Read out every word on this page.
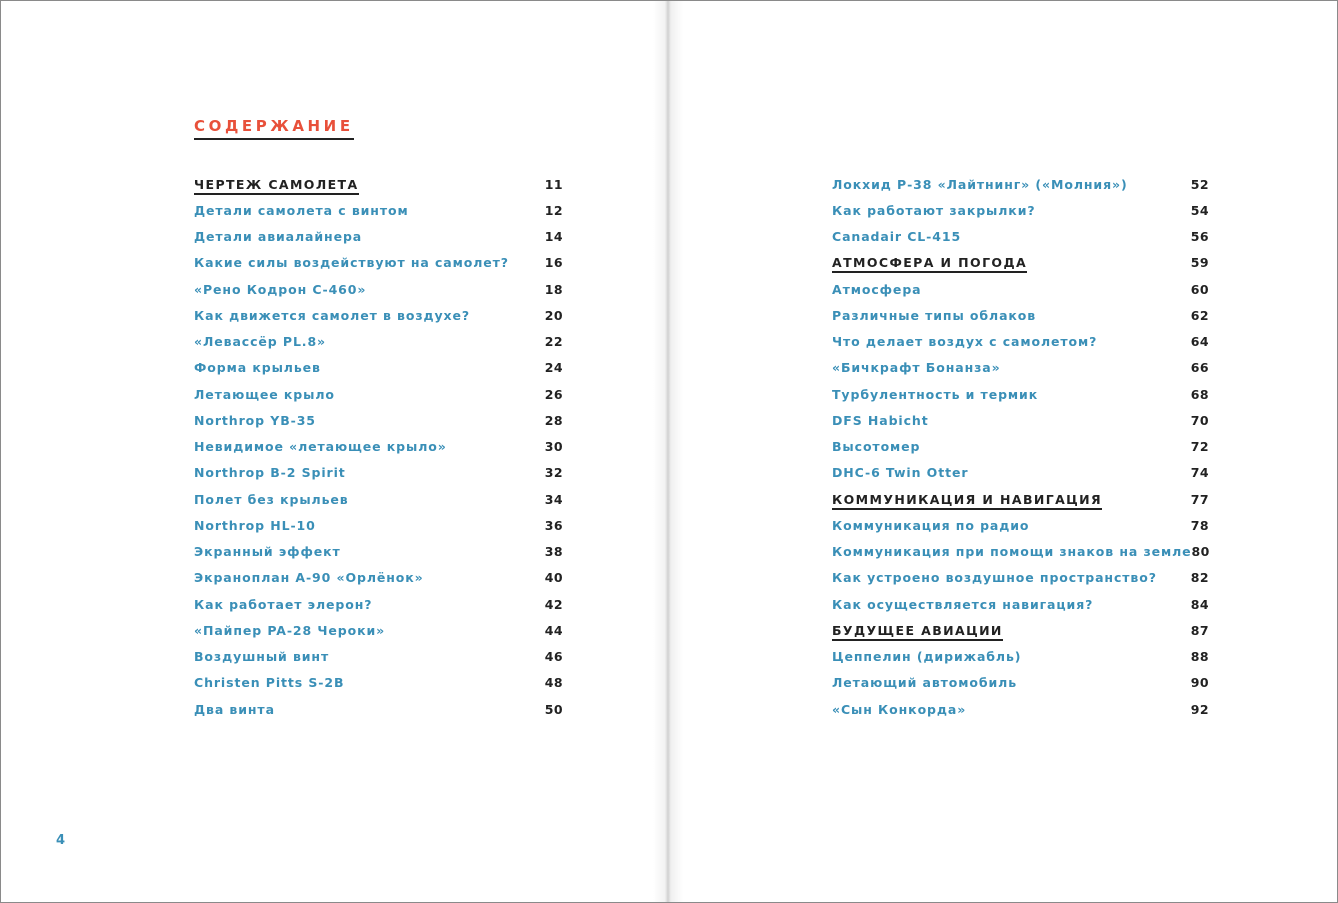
СОДЕРЖАНИЕ
ЧЕРТЕЖ САМОЛЕТА	11
Детали самолета с винтом	12
Детали авиалайнера	14
Какие силы воздействуют на самолет?	16
«Рено Кодрон С-460»	18
Как движется самолет в воздухе?	20
«Левассёр PL.8»	22
Форма крыльев	24
Летающее крыло	26
Northrop YB-35	28
Невидимое «летающее крыло»	30
Northrop B-2 Spirit	32
Полет без крыльев	34
Northrop HL-10	36
Экранный эффект	38
Экраноплан А-90 «Орлёнок»	40
Как работает элерон?	42
«Пайпер PA-28 Чероки»	44
Воздушный винт	46
Christen Pitts S-2B	48
Два винта	50
4
Локхид Р-38 «Лайтнинг» («Молния»)	52
Как работают закрылки?	54
Canadair CL-415	56
АТМОСФЕРА И ПОГОДА	59
Атмосфера	60
Различные типы облаков	62
Что делает воздух с самолетом?	64
«Бичкрафт Бонанза»	66
Турбулентность и термик	68
DFS Habicht	70
Высотомер	72
DHC-6 Twin Otter	74
КОММУНИКАЦИЯ И НАВИГАЦИЯ	77
Коммуникация по радио	78
Коммуникация при помощи знаков на земле 80
Как устроено воздушное пространство?	82
Как осуществляется навигация?	84
БУДУЩЕЕ АВИАЦИИ	87
Цеппелин (дирижабль)	88
Летающий автомобиль	90
«Сын Конкорда»	92
